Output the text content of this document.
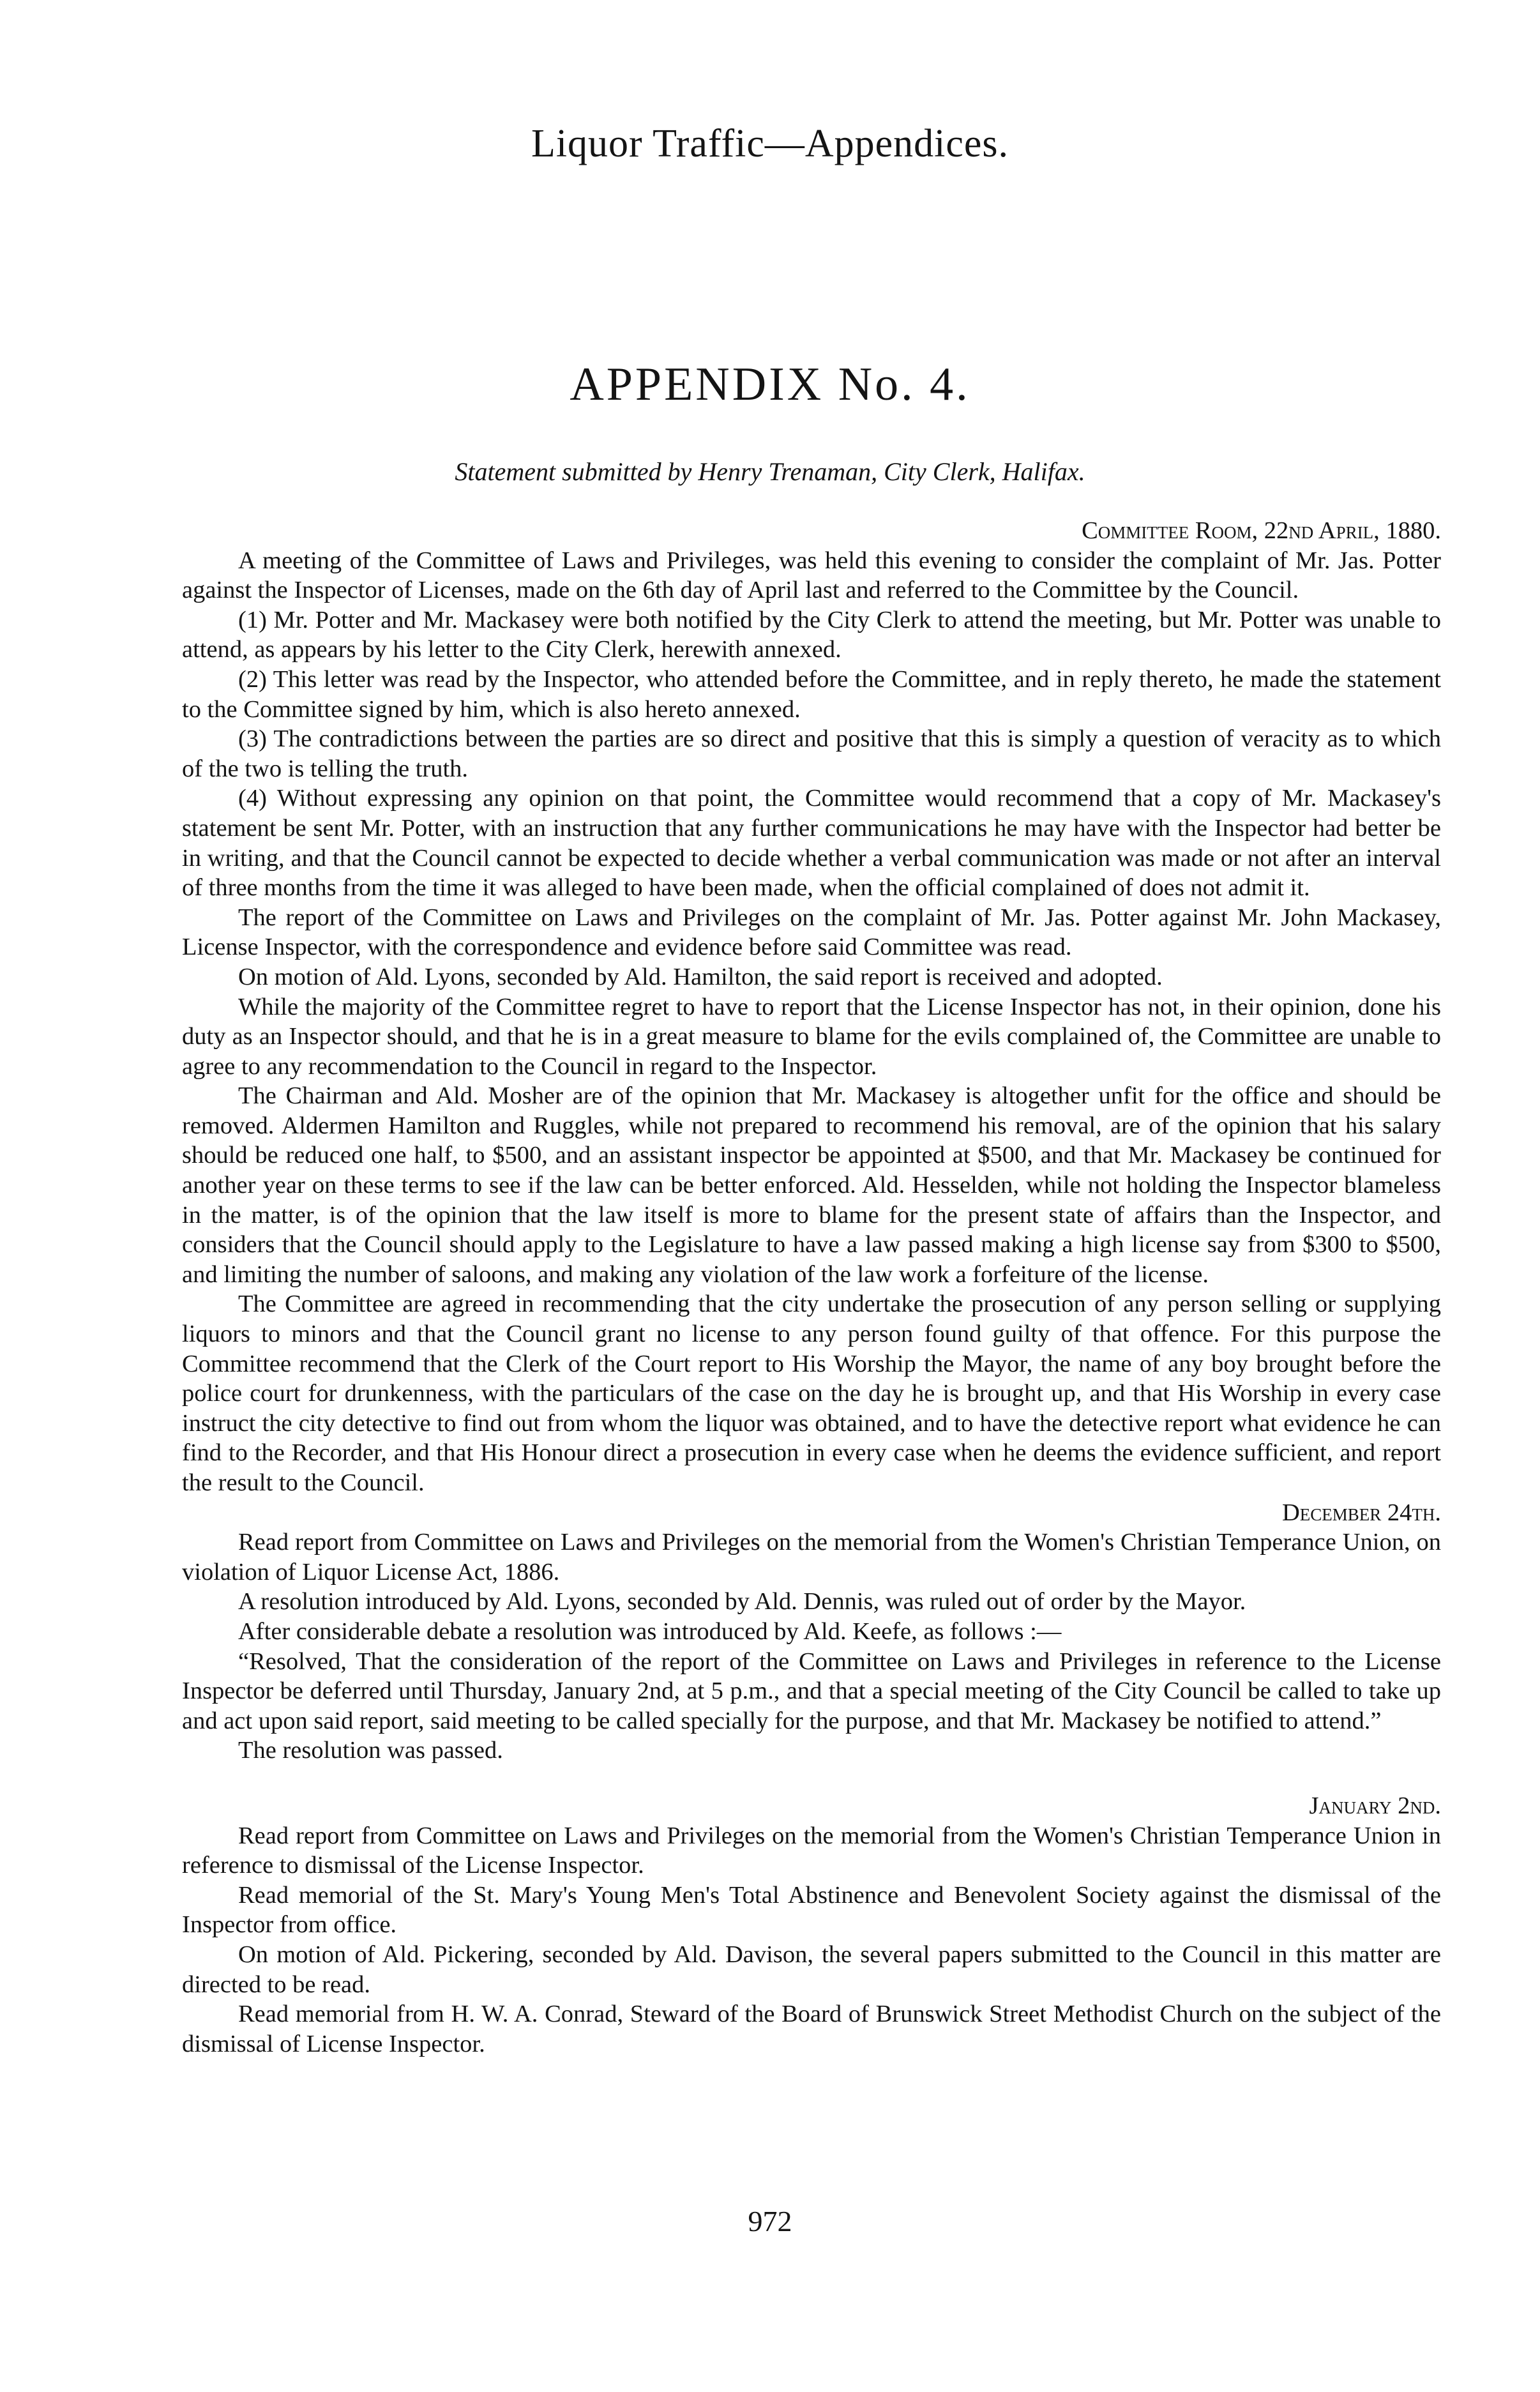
Liquor Traffic—Appendices.
APPENDIX No. 4.
Statement submitted by Henry Trenaman, City Clerk, Halifax.

Committee Room, 22nd April, 1880.

A meeting of the Committee of Laws and Privileges, was held this evening to consider the complaint of Mr. Jas. Potter against the Inspector of Licenses, made on the 6th day of April last and referred to the Committee by the Council.

(1) Mr. Potter and Mr. Mackasey were both notified by the City Clerk to attend the meeting, but Mr. Potter was unable to attend, as appears by his letter to the City Clerk, herewith annexed.

(2) This letter was read by the Inspector, who attended before the Committee, and in reply thereto, he made the statement to the Committee signed by him, which is also hereto annexed.

(3) The contradictions between the parties are so direct and positive that this is simply a question of veracity as to which of the two is telling the truth.

(4) Without expressing any opinion on that point, the Committee would recommend that a copy of Mr. Mackasey's statement be sent Mr. Potter, with an instruction that any further communications he may have with the Inspector had better be in writing, and that the Council cannot be expected to decide whether a verbal communication was made or not after an interval of three months from the time it was alleged to have been made, when the official complained of does not admit it.

The report of the Committee on Laws and Privileges on the complaint of Mr. Jas. Potter against Mr. John Mackasey, License Inspector, with the correspondence and evidence before said Committee was read.

On motion of Ald. Lyons, seconded by Ald. Hamilton, the said report is received and adopted.

While the majority of the Committee regret to have to report that the License Inspector has not, in their opinion, done his duty as an Inspector should, and that he is in a great measure to blame for the evils complained of, the Committee are unable to agree to any recommendation to the Council in regard to the Inspector.

The Chairman and Ald. Mosher are of the opinion that Mr. Mackasey is altogether unfit for the office and should be removed. Aldermen Hamilton and Ruggles, while not prepared to recommend his removal, are of the opinion that his salary should be reduced one half, to $500, and an assistant inspector be appointed at $500, and that Mr. Mackasey be continued for another year on these terms to see if the law can be better enforced. Ald. Hesselden, while not holding the Inspector blameless in the matter, is of the opinion that the law itself is more to blame for the present state of affairs than the Inspector, and considers that the Council should apply to the Legislature to have a law passed making a high license say from $300 to $500, and limiting the number of saloons, and making any violation of the law work a forfeiture of the license.

The Committee are agreed in recommending that the city undertake the prosecution of any person selling or supplying liquors to minors and that the Council grant no license to any person found guilty of that offence. For this purpose the Committee recommend that the Clerk of the Court report to His Worship the Mayor, the name of any boy brought before the police court for drunkenness, with the particulars of the case on the day he is brought up, and that His Worship in every case instruct the city detective to find out from whom the liquor was obtained, and to have the detective report what evidence he can find to the Recorder, and that His Honour direct a prosecution in every case when he deems the evidence sufficient, and report the result to the Council.

December 24th.

Read report from Committee on Laws and Privileges on the memorial from the Women's Christian Temperance Union, on violation of Liquor License Act, 1886.

A resolution introduced by Ald. Lyons, seconded by Ald. Dennis, was ruled out of order by the Mayor.

After considerable debate a resolution was introduced by Ald. Keefe, as follows :—

“Resolved, That the consideration of the report of the Committee on Laws and Privileges in reference to the License Inspector be deferred until Thursday, January 2nd, at 5 p.m., and that a special meeting of the City Council be called to take up and act upon said report, said meeting to be called specially for the purpose, and that Mr. Mackasey be notified to attend.”

The resolution was passed.

January 2nd.

Read report from Committee on Laws and Privileges on the memorial from the Women's Christian Temperance Union in reference to dismissal of the License Inspector.

Read memorial of the St. Mary's Young Men's Total Abstinence and Benevolent Society against the dismissal of the Inspector from office.

On motion of Ald. Pickering, seconded by Ald. Davison, the several papers submitted to the Council in this matter are directed to be read.

Read memorial from H. W. A. Conrad, Steward of the Board of Brunswick Street Methodist Church on the subject of the dismissal of License Inspector.

972
